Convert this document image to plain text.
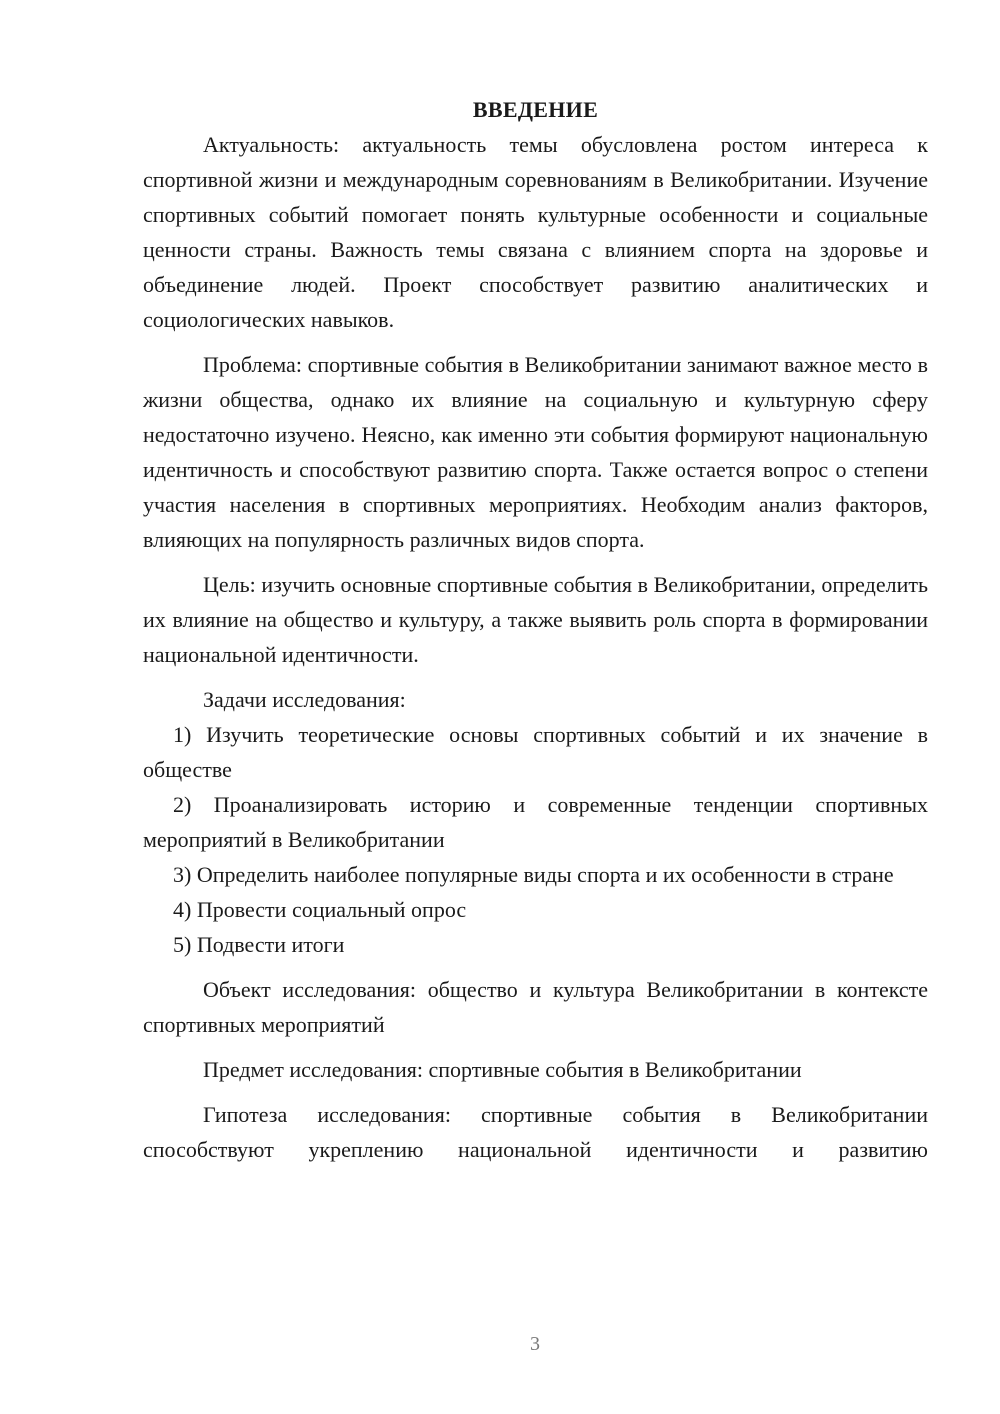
ВВЕДЕНИЕ

Актуальность: актуальность темы обусловлена ростом интереса к спортивной жизни и международным соревнованиям в Великобритании. Изучение спортивных событий помогает понять культурные особенности и социальные ценности страны. Важность темы связана с влиянием спорта на здоровье и объединение людей. Проект способствует развитию аналитических и социологических навыков.

Проблема: спортивные события в Великобритании занимают важное место в жизни общества, однако их влияние на социальную и культурную сферу недостаточно изучено. Неясно, как именно эти события формируют национальную идентичность и способствуют развитию спорта. Также остается вопрос о степени участия населения в спортивных мероприятиях. Необходим анализ факторов, влияющих на популярность различных видов спорта.

Цель: изучить основные спортивные события в Великобритании, определить их влияние на общество и культуру, а также выявить роль спорта в формировании национальной идентичности.

Задачи исследования:

1) Изучить теоретические основы спортивных событий и их значение в обществе

2) Проанализировать историю и современные тенденции спортивных мероприятий в Великобритании

3) Определить наиболее популярные виды спорта и их особенности в стране

4) Провести социальный опрос

5) Подвести итоги

Объект исследования: общество и культура Великобритании в контексте спортивных мероприятий

Предмет исследования: спортивные события в Великобритании

Гипотеза исследования: спортивные события в Великобритании способствуют укреплению национальной идентичности и развитию

3
